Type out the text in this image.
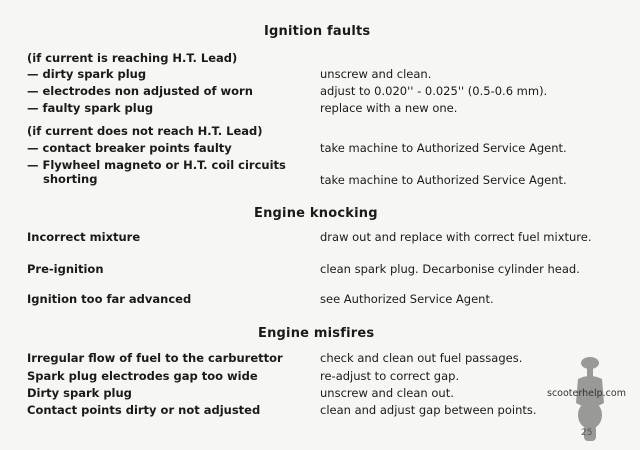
Ignition faults
(if current is reaching H.T. Lead)
— dirty spark plug	unscrew and clean.
— electrodes non adjusted of worn	adjust to 0.020'' - 0.025'' (0.5-0.6 mm).
— faulty spark plug	replace with a new one.
(if current does not reach H.T. Lead)
— contact breaker points faulty	take machine to Authorized Service Agent.
— Flywheel magneto or H.T. coil circuits
shorting	take machine to Authorized Service Agent.
Engine knocking
Incorrect mixture	draw out and replace with correct fuel mixture.
Pre-ignition	clean spark plug. Decarbonise cylinder head.
Ignition too far advanced	see Authorized Service Agent.
Engine misfires
Irregular flow of fuel to the carburettor	check and clean out fuel passages.
Spark plug electrodes gap too wide	re-adjust to correct gap.
Dirty spark plug	unscrew and clean out.
Contact points dirty or not adjusted	clean and adjust gap between points.
scooterhelp.com
25
